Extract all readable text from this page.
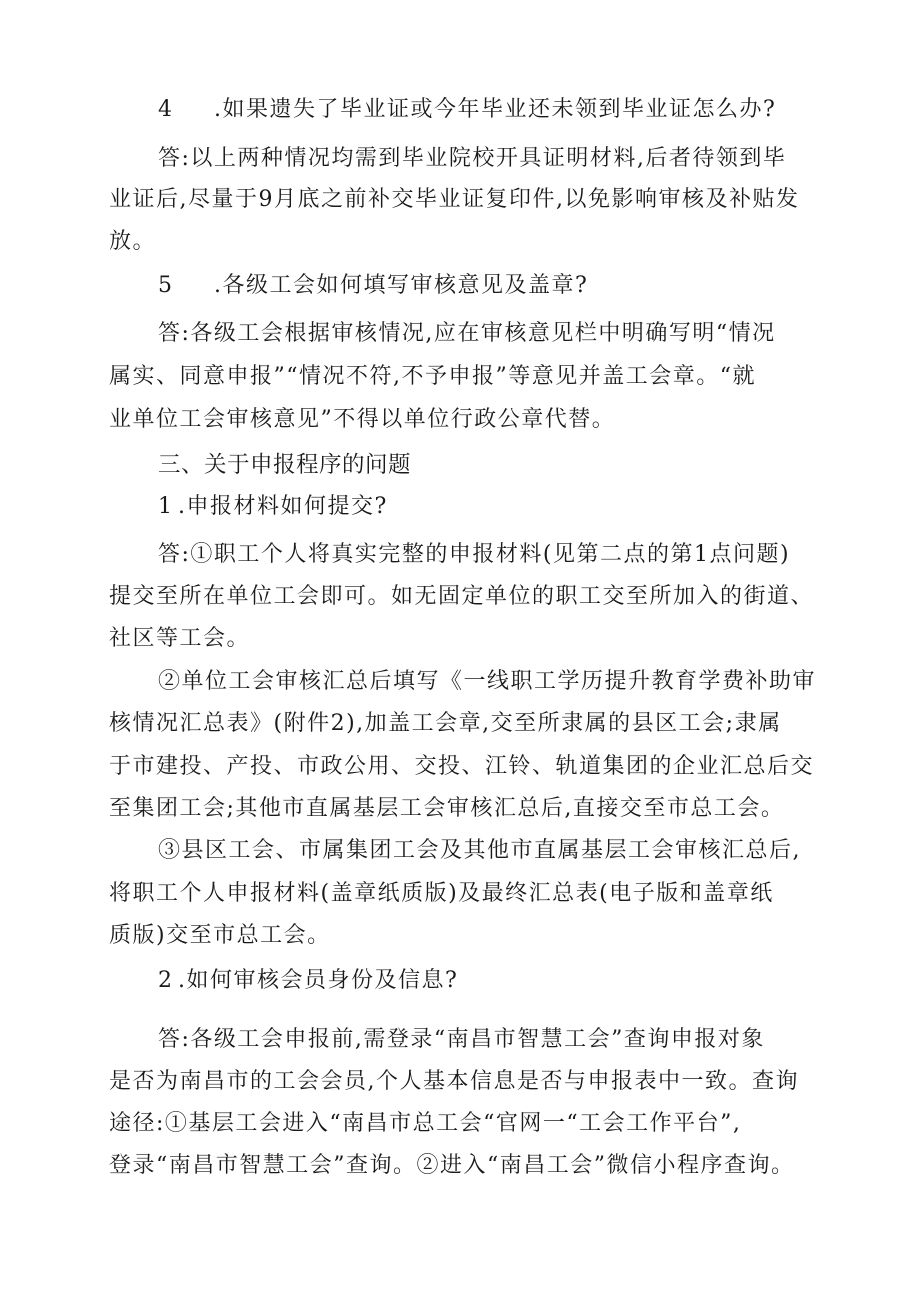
4 .如果遗失了毕业证或今年毕业还未领到毕业证怎么办?
答:以上两种情况均需到毕业院校开具证明材料,后者待领到毕
业证后,尽量于9月底之前补交毕业证复印件,以免影响审核及补贴发
放。
5 .各级工会如何填写审核意见及盖章?
答:各级工会根据审核情况,应在审核意见栏中明确写明“情况
属实、同意申报”“情况不符,不予申报”等意见并盖工会章。“就
业单位工会审核意见”不得以单位行政公章代替。
三、关于申报程序的问题
1 .申报材料如何提交?
答:①职工个人将真实完整的申报材料(见第二点的第1点问题)
提交至所在单位工会即可。如无固定单位的职工交至所加入的街道、
社区等工会。
②单位工会审核汇总后填写《一线职工学历提升教育学费补助审
核情况汇总表》(附件2),加盖工会章,交至所隶属的县区工会;隶属
于市建投、产投、市政公用、交投、江铃、轨道集团的企业汇总后交
至集团工会;其他市直属基层工会审核汇总后,直接交至市总工会。
③县区工会、市属集团工会及其他市直属基层工会审核汇总后,
将职工个人申报材料(盖章纸质版)及最终汇总表(电子版和盖章纸
质版)交至市总工会。
2 .如何审核会员身份及信息?
答:各级工会申报前,需登录“南昌市智慧工会”查询申报对象
是否为南昌市的工会会员,个人基本信息是否与申报表中一致。查询
途径:①基层工会进入“南昌市总工会“官网一“工会工作平台”,
登录“南昌市智慧工会”查询。②进入“南昌工会”微信小程序查询。
